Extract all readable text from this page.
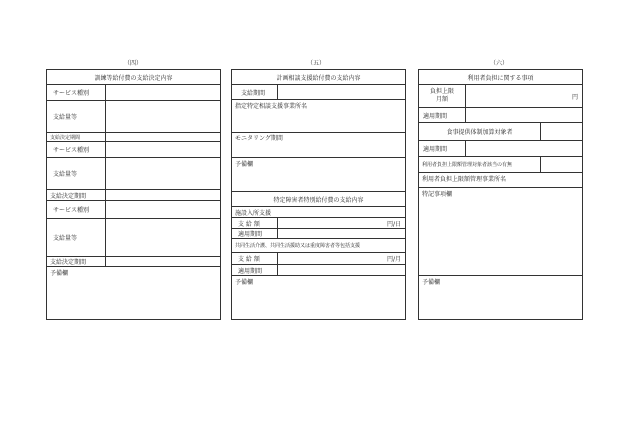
（四）	（五）	（六）
訓練等給付費の支給決定内容
サービス種別
支給量等
支給決定期間
サービス種別
支給量等
支給決定期間
サービス種別
支給量等
支給決定期間
予備欄
計画相談支援給付費の支給内容
支給期間
指定特定相談支援事業所名
モニタリング期間
予備欄
特定障害者特別給付費の支給内容
施設入所支援
支 給 額	円/日
適用期間
共同生活介護、共同生活援助又は重度障害者等包括支援
支 給 額	円/月
適用期間
予備欄
利用者負担に関する事項
負担上限月額	円
適用期間
食事提供体制加算対象者
適用期間
利用者負担上限額管理対象者該当の有無
利用者負担上限額管理事業所名
特記事項欄
予備欄
